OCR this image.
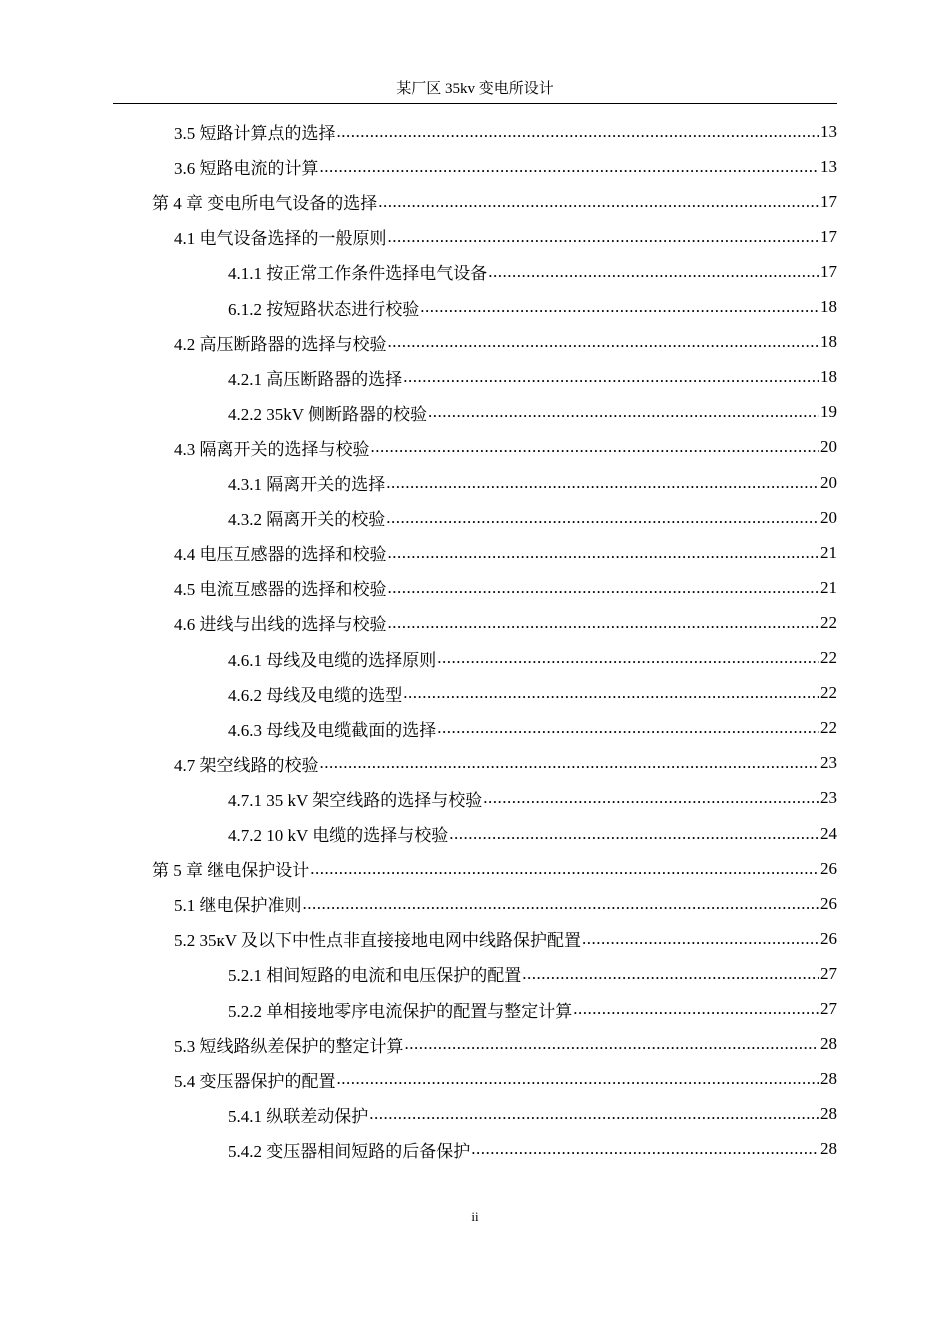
某厂区 35kv 变电所设计
3.5 短路计算点的选择 .....	13
3.6 短路电流的计算 .....	13
第 4 章 变电所电气设备的选择 .....	17
4.1 电气设备选择的一般原则 .....	17
4.1.1 按正常工作条件选择电气设备 .....	17
6.1.2 按短路状态进行校验 .....	18
4.2 高压断路器的选择与校验 .....	18
4.2.1 高压断路器的选择 .....	18
4.2.2 35kV 侧断路器的校验 .....	19
4.3 隔离开关的选择与校验 .....	20
4.3.1 隔离开关的选择 .....	20
4.3.2 隔离开关的校验 .....	20
4.4 电压互感器的选择和校验 .....	21
4.5 电流互感器的选择和校验 .....	21
4.6 进线与出线的选择与校验 .....	22
4.6.1 母线及电缆的选择原则 .....	22
4.6.2 母线及电缆的选型 .....	22
4.6.3 母线及电缆截面的选择 .....	22
4.7 架空线路的校验 .....	23
4.7.1 35 kV 架空线路的选择与校验 .....	23
4.7.2 10 kV 电缆的选择与校验 .....	24
第 5 章 继电保护设计 .....	26
5.1 继电保护准则 .....	26
5.2 35кV 及以下中性点非直接接地电网中线路保护配置 .....	26
5.2.1 相间短路的电流和电压保护的配置 .....	27
5.2.2 单相接地零序电流保护的配置与整定计算 .....	27
5.3 短线路纵差保护的整定计算 .....	28
5.4 变压器保护的配置 .....	28
5.4.1 纵联差动保护 .....	28
5.4.2 变压器相间短路的后备保护 .....	28
ii
